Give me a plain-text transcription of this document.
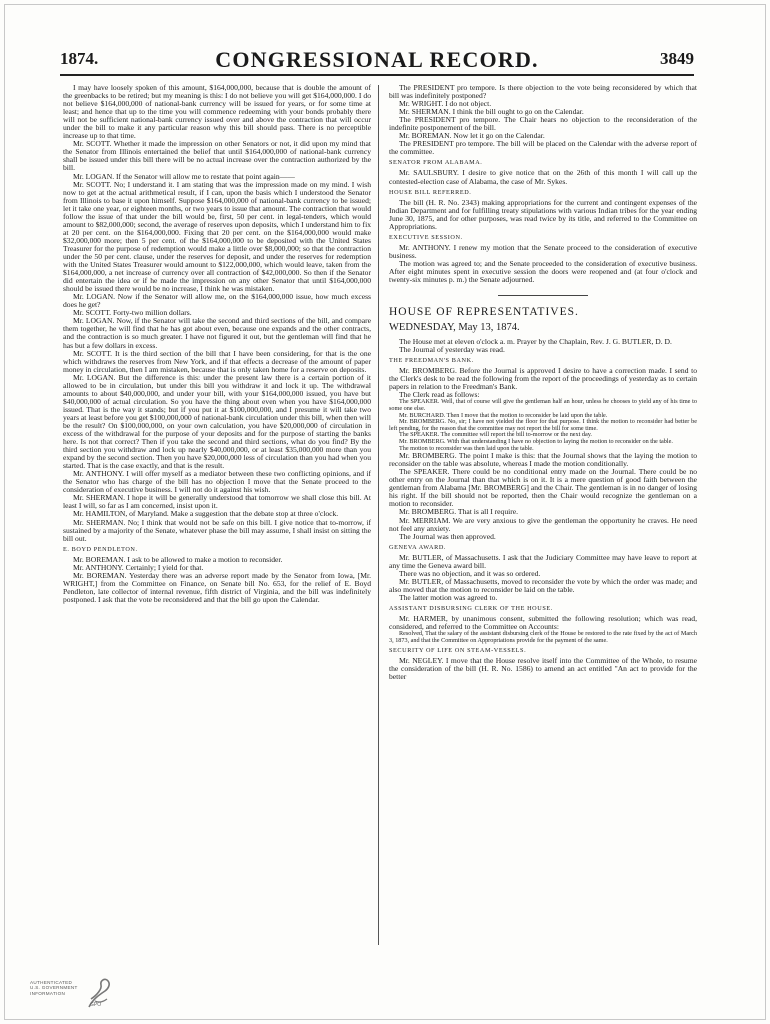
1874.	CONGRESSIONAL RECORD.	3849

I may have loosely spoken of this amount, $164,000,000, because that is double the amount of the greenbacks to be retired; but my meaning is this: I do not believe you will get $164,000,000. I do not believe $164,000,000 of national-bank currency will be issued for years, or for some time at least; and hence that up to the time you will commence redeeming with your bonds probably there will not be sufficient national-bank currency issued over and above the contraction that will occur under the bill to make it any particular reason why this bill should pass. There is no perceptible increase up to that time.

Mr. SCOTT. Whether it made the impression on other Senators or not, it did upon my mind that the Senator from Illinois entertained the belief that until $164,000,000 of national-bank currency shall be issued under this bill there will be no actual increase over the contraction authorized by the bill.

Mr. LOGAN. If the Senator will allow me to restate that point again——

Mr. SCOTT. No; I understand it. I am stating that was the impression made on my mind. I wish now to get at the actual arithmetical result, if I can, upon the basis which I understood the Senator from Illinois to base it upon himself. Suppose $164,000,000 of national-bank currency to be issued; let it take one year, or eighteen months, or two years to issue that amount. The contraction that would follow the issue of that under the bill would be, first, 50 per cent. in legal-tenders, which would amount to $82,000,000; second, the average of reserves upon deposits, which I understand him to fix at 20 per cent. on the $164,000,000. Fixing that 20 per cent. on the $164,000,000 would make $32,000,000 more; then 5 per cent. of the $164,000,000 to be deposited with the United States Treasurer for the purpose of redemption would make a little over $8,000,000; so that the contraction under the 50 per cent. clause, under the reserves for deposit, and under the reserves for redemption with the United States Treasurer would amount to $122,000,000, which would leave, taken from the $164,000,000, a net increase of currency over all contraction of $42,000,000. So then if the Senator did entertain the idea or if he made the impression on any other Senator that until $164,000,000 should be issued there would be no increase, I think he was mistaken.

Mr. LOGAN. Now if the Senator will allow me, on the $164,000,000 issue, how much excess does he get?

Mr. SCOTT. Forty-two million dollars.

Mr. LOGAN. Now, if the Senator will take the second and third sections of the bill, and compare them together, he will find that he has got about even, because one expands and the other contracts, and the contraction is so much greater. I have not figured it out, but the gentleman will find that he has but a few dollars in excess.

Mr. SCOTT. It is the third section of the bill that I have been considering, for that is the one which withdraws the reserves from New York, and if that effects a decrease of the amount of paper money in circulation, then I am mistaken, because that is only taken home for a reserve on deposits.

Mr. LOGAN. But the difference is this: under the present law there is a certain portion of it allowed to be in circulation, but under this bill you withdraw it and lock it up. The withdrawal amounts to about $40,000,000, and under your bill, with your $164,000,000 issued, you have but $40,000,000 of actual circulation. So you have the thing about even when you have $164,000,000 issued. That is the way it stands; but if you put it at $100,000,000, and I presume it will take two years at least before you get $100,000,000 of national-bank circulation under this bill, when then will be the result? On $100,000,000, on your own calculation, you have $20,000,000 of circulation in excess of the withdrawal for the purpose of your deposits and for the purpose of starting the banks here. Is not that correct? Then if you take the second and third sections, what do you find? By the third section you withdraw and lock up nearly $40,000,000, or at least $35,000,000 more than you expand by the second section. Then you have $20,000,000 less of circulation than you had when you started. That is the case exactly, and that is the result.

Mr. ANTHONY. I will offer myself as a mediator between these two conflicting opinions, and if the Senator who has charge of the bill has no objection I move that the Senate proceed to the consideration of executive business. I will not do it against his wish.

Mr. SHERMAN. I hope it will be generally understood that tomorrow we shall close this bill. At least I will, so far as I am concerned, insist upon it.

Mr. HAMILTON, of Maryland. Make a suggestion that the debate stop at three o'clock.

Mr. SHERMAN. No; I think that would not be safe on this bill. I give notice that to-morrow, if sustained by a majority of the Senate, whatever phase the bill may assume, I shall insist on sitting the bill out.

E. BOYD PENDLETON.

Mr. BOREMAN. I ask to be allowed to make a motion to reconsider.

Mr. ANTHONY. Certainly; I yield for that.

Mr. BOREMAN. Yesterday there was an adverse report made by the Senator from Iowa, [Mr. WRIGHT,] from the Committee on Finance, on Senate bill No. 653, for the relief of E. Boyd Pendleton, late collector of internal revenue, fifth district of Virginia, and the bill was indefinitely postponed. I ask that the vote be reconsidered and that the bill go upon the Calendar.

The PRESIDENT pro tempore. Is there objection to the vote being reconsidered by which that bill was indefinitely postponed?

Mr. WRIGHT. I do not object.

Mr. SHERMAN. I think the bill ought to go on the Calendar.

The PRESIDENT pro tempore. The Chair hears no objection to the reconsideration of the indefinite postponement of the bill.

Mr. BOREMAN. Now let it go on the Calendar.

The PRESIDENT pro tempore. The bill will be placed on the Calendar with the adverse report of the committee.

SENATOR FROM ALABAMA.

Mr. SAULSBURY. I desire to give notice that on the 26th of this month I will call up the contested-election case of Alabama, the case of Mr. Sykes.

HOUSE BILL REFERRED.

The bill (H. R. No. 2343) making appropriations for the current and contingent expenses of the Indian Department and for fulfilling treaty stipulations with various Indian tribes for the year ending June 30, 1875, and for other purposes, was read twice by its title, and referred to the Committee on Appropriations.

EXECUTIVE SESSION.

Mr. ANTHONY. I renew my motion that the Senate proceed to the consideration of executive business.

The motion was agreed to; and the Senate proceeded to the consideration of executive business. After eight minutes spent in executive session the doors were reopened and (at four o'clock and twenty-six minutes p. m.) the Senate adjourned.

HOUSE OF REPRESENTATIVES.
WEDNESDAY, May 13, 1874.

The House met at eleven o'clock a. m. Prayer by the Chaplain, Rev. J. G. BUTLER, D. D.

The Journal of yesterday was read.

THE FREEDMAN'S BANK.

Mr. BROMBERG. Before the Journal is approved I desire to have a correction made. I send to the Clerk's desk to be read the following from the report of the proceedings of yesterday as to certain papers in relation to the Freedman's Bank.

The Clerk read as follows:

The SPEAKER. Well, that of course will give the gentleman half an hour, unless he chooses to yield any of his time to some one else.

Mr. BURCHARD. Then I move that the motion to reconsider be laid upon the table.

Mr. BROMBERG. No, sir; I have not yielded the floor for that purpose. I think the motion to reconsider had better be left pending, for the reason that the committee may not report the bill for some time.

The SPEAKER. The committee will report the bill to-morrow or the next day.

Mr. BROMBERG. With that understanding I have no objection to laying the motion to reconsider on the table.

The motion to reconsider was then laid upon the table.

Mr. BROMBERG. The point I make is this: that the Journal shows that the laying the motion to reconsider on the table was absolute, whereas I made the motion conditionally.

The SPEAKER. There could be no conditional entry made on the Journal. There could be no other entry on the Journal than that which is on it. It is a mere question of good faith between the gentleman from Alabama [Mr. BROMBERG] and the Chair. The gentleman is in no danger of losing his right. If the bill should not be reported, then the Chair would recognize the gentleman on a motion to reconsider.

Mr. BROMBERG. That is all I require.

Mr. MERRIAM. We are very anxious to give the gentleman the opportunity he craves. He need not feel any anxiety.

The Journal was then approved.

GENEVA AWARD.

Mr. BUTLER, of Massachusetts. I ask that the Judiciary Committee may have leave to report at any time the Geneva award bill.

There was no objection, and it was so ordered.

Mr. BUTLER, of Massachusetts, moved to reconsider the vote by which the order was made; and also moved that the motion to reconsider be laid on the table.

The latter motion was agreed to.

ASSISTANT DISBURSING CLERK OF THE HOUSE.

Mr. HARMER, by unanimous consent, submitted the following resolution; which was read, considered, and referred to the Committee on Accounts:

Resolved, That the salary of the assistant disbursing clerk of the House be restored to the rate fixed by the act of March 3, 1873, and that the Committee on Appropriations provide for the payment of the same.

SECURITY OF LIFE ON STEAM-VESSELS.

Mr. NEGLEY. I move that the House resolve itself into the Committee of the Whole, to resume the consideration of the bill (H. R. No. 1586) to amend an act entitled "An act to provide for the better

AUTHENTICATED
U.S. GOVERNMENT
INFORMATION
GPO
